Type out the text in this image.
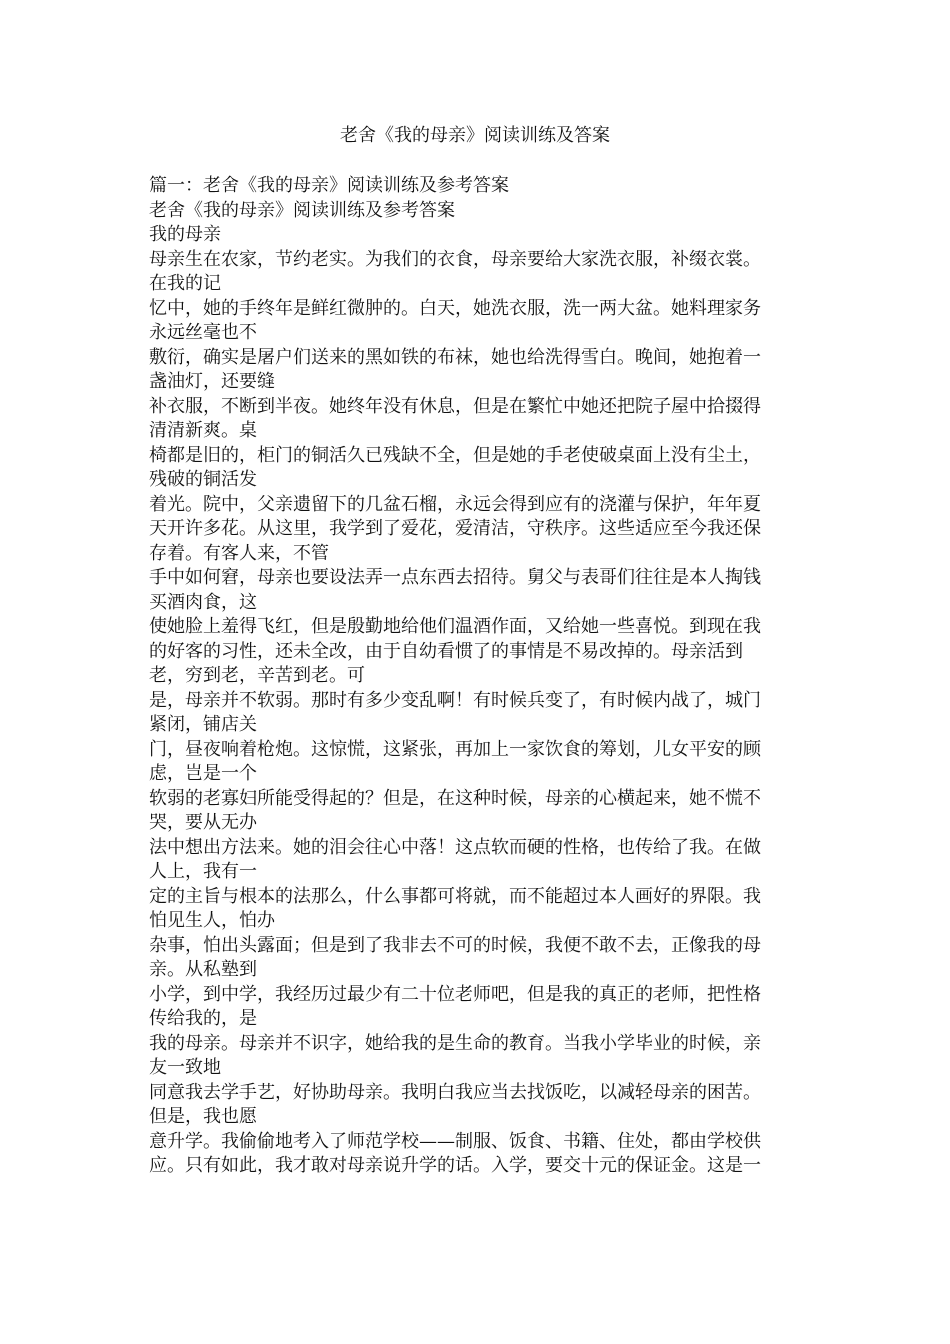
老舍《我的母亲》阅读训练及答案

篇一：老舍《我的母亲》阅读训练及参考答案

老舍《我的母亲》阅读训练及参考答案

我的母亲

母亲生在农家，节约老实。为我们的衣食，母亲要给大家洗衣服，补缀衣裳。

在我的记

忆中，她的手终年是鲜红微肿的。白天，她洗衣服，洗一两大盆。她料理家务

永远丝毫也不

敷衍，确实是屠户们送来的黑如铁的布袜，她也给洗得雪白。晚间，她抱着一

盏油灯，还要缝

补衣服，不断到半夜。她终年没有休息，但是在繁忙中她还把院子屋中拾掇得

清清新爽。桌

椅都是旧的，柜门的铜活久已残缺不全，但是她的手老使破桌面上没有尘土，

残破的铜活发

着光。院中，父亲遗留下的几盆石榴，永远会得到应有的浇灌与保护，年年夏

天开许多花。从这里，我学到了爱花，爱清洁，守秩序。这些适应至今我还保

存着。有客人来，不管

手中如何窘，母亲也要设法弄一点东西去招待。舅父与表哥们往往是本人掏钱

买酒肉食，这

使她脸上羞得飞红，但是殷勤地给他们温酒作面，又给她一些喜悦。到现在我

的好客的习性，还未全改，由于自幼看惯了的事情是不易改掉的。母亲活到

老，穷到老，辛苦到老。可

是，母亲并不软弱。那时有多少变乱啊！有时候兵变了，有时候内战了，城门

紧闭，铺店关

门，昼夜响着枪炮。这惊慌，这紧张，再加上一家饮食的筹划，儿女平安的顾

虑，岂是一个

软弱的老寡妇所能受得起的？但是，在这种时候，母亲的心横起来，她不慌不

哭，要从无办

法中想出方法来。她的泪会往心中落！这点软而硬的性格，也传给了我。在做

人上，我有一

定的主旨与根本的法那么，什么事都可将就，而不能超过本人画好的界限。我

怕见生人，怕办

杂事，怕出头露面；但是到了我非去不可的时候，我便不敢不去，正像我的母

亲。从私塾到

小学，到中学，我经历过最少有二十位老师吧，但是我的真正的老师，把性格

传给我的，是

我的母亲。母亲并不识字，她给我的是生命的教育。当我小学毕业的时候，亲

友一致地

同意我去学手艺，好协助母亲。我明白我应当去找饭吃，以减轻母亲的困苦。

但是，我也愿

意升学。我偷偷地考入了师范学校——制服、饭食、书籍、住处，都由学校供

应。只有如此，我才敢对母亲说升学的话。入学，要交十元的保证金。这是一
